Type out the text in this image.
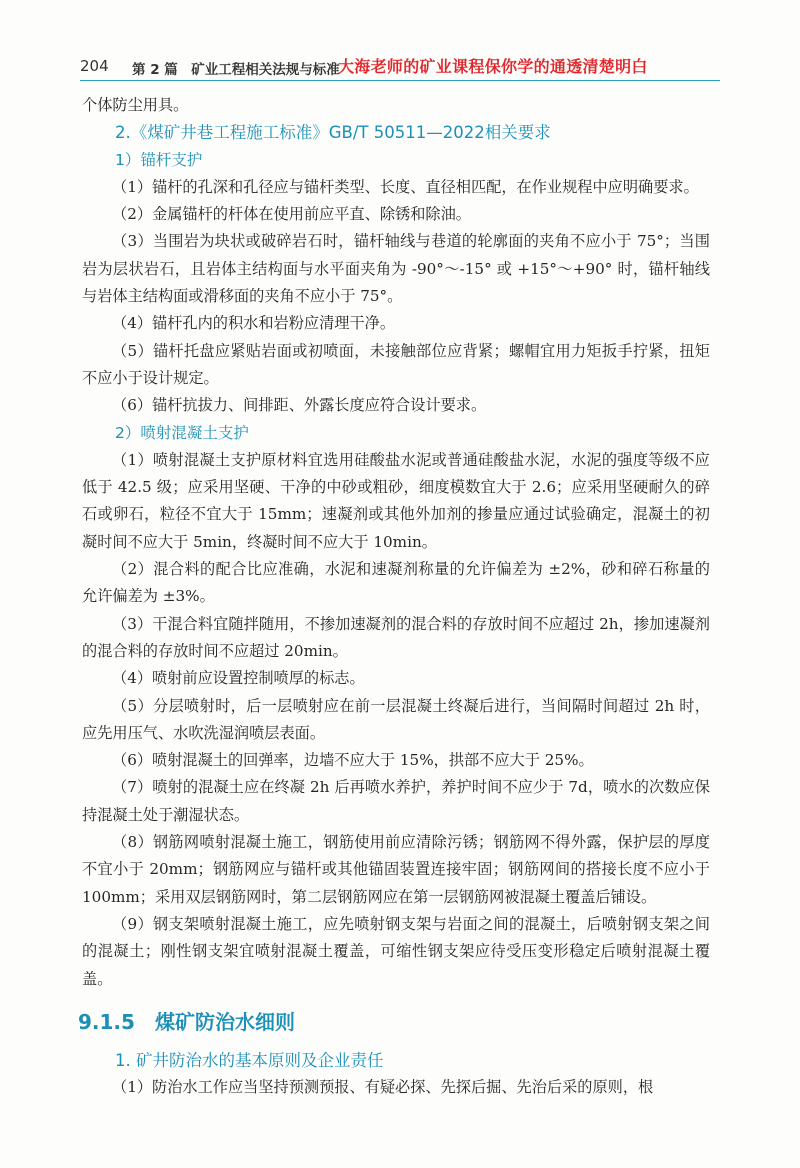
204 第 2 篇　矿业工程相关法规与标准
大海老师的矿业课程保你学的通透清楚明白

个体防尘用具。

2.《煤矿井巷工程施工标准》GB/T 50511—2022相关要求

1）锚杆支护

（1）锚杆的孔深和孔径应与锚杆类型、长度、直径相匹配，在作业规程中应明确要求。

（2）金属锚杆的杆体在使用前应平直、除锈和除油。

（3）当围岩为块状或破碎岩石时，锚杆轴线与巷道的轮廓面的夹角不应小于 75°；当围岩为层状岩石，且岩体主结构面与水平面夹角为 -90°～-15° 或 +15°～+90° 时，锚杆轴线与岩体主结构面或滑移面的夹角不应小于 75°。

（4）锚杆孔内的积水和岩粉应清理干净。

（5）锚杆托盘应紧贴岩面或初喷面，未接触部位应背紧；螺帽宜用力矩扳手拧紧，扭矩不应小于设计规定。

（6）锚杆抗拔力、间排距、外露长度应符合设计要求。

2）喷射混凝土支护

（1）喷射混凝土支护原材料宜选用硅酸盐水泥或普通硅酸盐水泥，水泥的强度等级不应低于 42.5 级；应采用坚硬、干净的中砂或粗砂，细度模数宜大于 2.6；应采用坚硬耐久的碎石或卵石，粒径不宜大于 15mm；速凝剂或其他外加剂的掺量应通过试验确定，混凝土的初凝时间不应大于 5min，终凝时间不应大于 10min。

（2）混合料的配合比应准确，水泥和速凝剂称量的允许偏差为 ±2%，砂和碎石称量的允许偏差为 ±3%。

（3）干混合料宜随拌随用，不掺加速凝剂的混合料的存放时间不应超过 2h，掺加速凝剂的混合料的存放时间不应超过 20min。

（4）喷射前应设置控制喷厚的标志。

（5）分层喷射时，后一层喷射应在前一层混凝土终凝后进行，当间隔时间超过 2h 时，应先用压气、水吹洗湿润喷层表面。

（6）喷射混凝土的回弹率，边墙不应大于 15%，拱部不应大于 25%。

（7）喷射的混凝土应在终凝 2h 后再喷水养护，养护时间不应少于 7d，喷水的次数应保持混凝土处于潮湿状态。

（8）钢筋网喷射混凝土施工，钢筋使用前应清除污锈；钢筋网不得外露，保护层的厚度不宜小于 20mm；钢筋网应与锚杆或其他锚固装置连接牢固；钢筋网间的搭接长度不应小于 100mm；采用双层钢筋网时，第二层钢筋网应在第一层钢筋网被混凝土覆盖后铺设。

（9）钢支架喷射混凝土施工，应先喷射钢支架与岩面之间的混凝土，后喷射钢支架之间的混凝土；刚性钢支架宜喷射混凝土覆盖，可缩性钢支架应待受压变形稳定后喷射混凝土覆盖。

9.1.5　煤矿防治水细则

1. 矿井防治水的基本原则及企业责任

（1）防治水工作应当坚持预测预报、有疑必探、先探后掘、先治后采的原则，根
